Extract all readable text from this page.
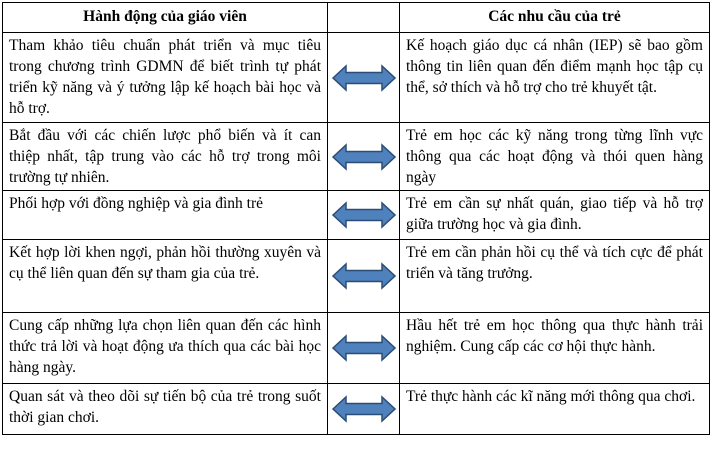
Hành động của giáo viên		Các nhu cầu của trẻ
Tham khảo tiêu chuẩn phát triển và mục tiêu trong chương trình GDMN để biết trình tự phát triển kỹ năng và ý tưởng lập kế hoạch bài học và hỗ trợ.		Kế hoạch giáo dục cá nhân (IEP) sẽ bao gồm thông tin liên quan đến điểm mạnh học tập cụ thể, sở thích và hỗ trợ cho trẻ khuyết tật.
Bắt đầu với các chiến lược phổ biến và ít can thiệp nhất, tập trung vào các hỗ trợ trong môi trường tự nhiên.		Trẻ em học các kỹ năng trong từng lĩnh vực thông qua các hoạt động và thói quen hàng ngày
Phối hợp với đồng nghiệp và gia đình trẻ		Trẻ em cần sự nhất quán, giao tiếp và hỗ trợ giữa trường học và gia đình.
Kết hợp lời khen ngợi, phản hồi thường xuyên và cụ thể liên quan đến sự tham gia của trẻ.		Trẻ em cần phản hồi cụ thể và tích cực để phát triển và tăng trưởng.
Cung cấp những lựa chọn liên quan đến các hình thức trả lời và hoạt động ưa thích qua các bài học hàng ngày.		Hầu hết trẻ em học thông qua thực hành trải nghiệm. Cung cấp các cơ hội thực hành.
Quan sát và theo dõi sự tiến bộ của trẻ trong suốt thời gian chơi.		Trẻ thực hành các kĩ năng mới thông qua chơi.
